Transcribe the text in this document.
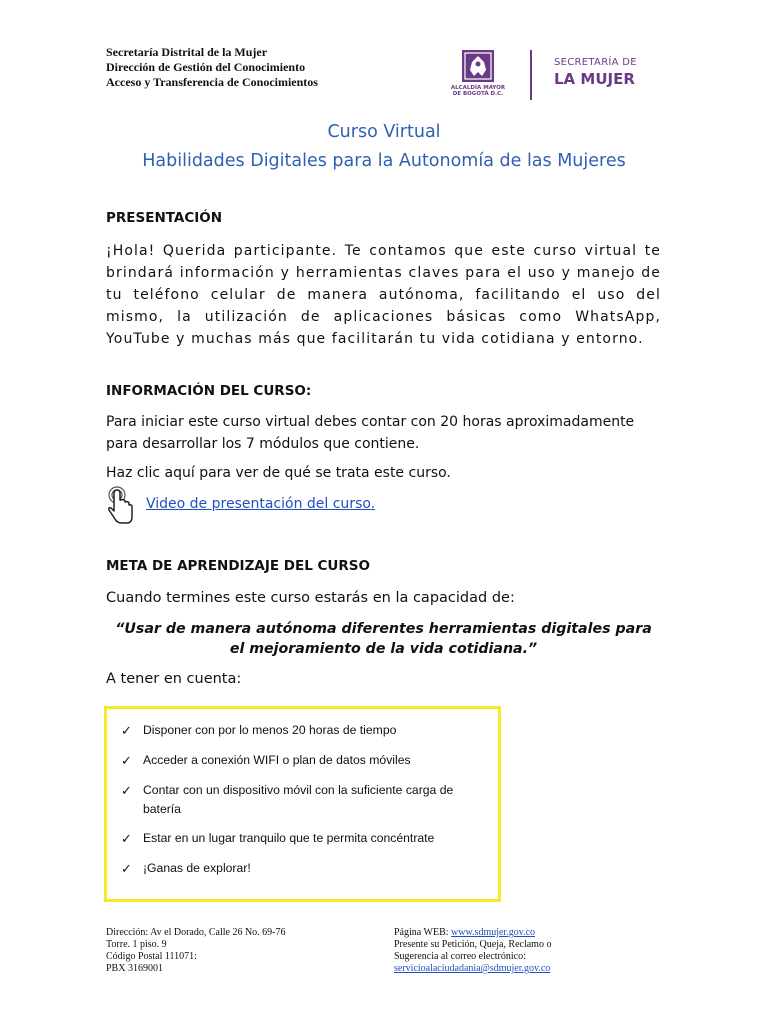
Secretaría Distrital de la Mujer
Dirección de Gestión del Conocimiento
Acceso y Transferencia de Conocimientos	ALCALDÍA MAYOR
DE BOGOTÁ D.C.
SECRETARÍA DE
LA MUJER
Curso Virtual
Habilidades Digitales para la Autonomía de las Mujeres
PRESENTACIÓN
¡Hola! Querida participante. Te contamos que este curso virtual te brindará información y herramientas claves para el uso y manejo de tu teléfono celular de manera autónoma, facilitando el uso del mismo, la utilización de aplicaciones básicas como WhatsApp, YouTube y muchas más que facilitarán tu vida cotidiana y entorno.
INFORMACIÓN DEL CURSO:
Para iniciar este curso virtual debes contar con 20 horas aproximadamente para desarrollar los 7 módulos que contiene.
Haz clic aquí para ver de qué se trata este curso.
Video de presentación del curso.
META DE APRENDIZAJE DEL CURSO
Cuando termines este curso estarás en la capacidad de:
“Usar de manera autónoma diferentes herramientas digitales para el mejoramiento de la vida cotidiana.”
A tener en cuenta:
✓ Disponer con por lo menos 20 horas de tiempo
✓ Acceder a conexión WIFI o plan de datos móviles
✓ Contar con un dispositivo móvil con la suficiente carga de batería
✓ Estar en un lugar tranquilo que te permita concéntrate
✓ ¡Ganas de explorar!
Dirección: Av el Dorado, Calle 26 No. 69-76
Torre. 1 piso. 9
Código Postal 111071:
PBX 3169001
Página WEB: www.sdmujer.gov.co
Presente su Petición, Queja, Reclamo o
Sugerencia al correo electrónico:
servicioalaciudadania@sdmujer.gov.co
